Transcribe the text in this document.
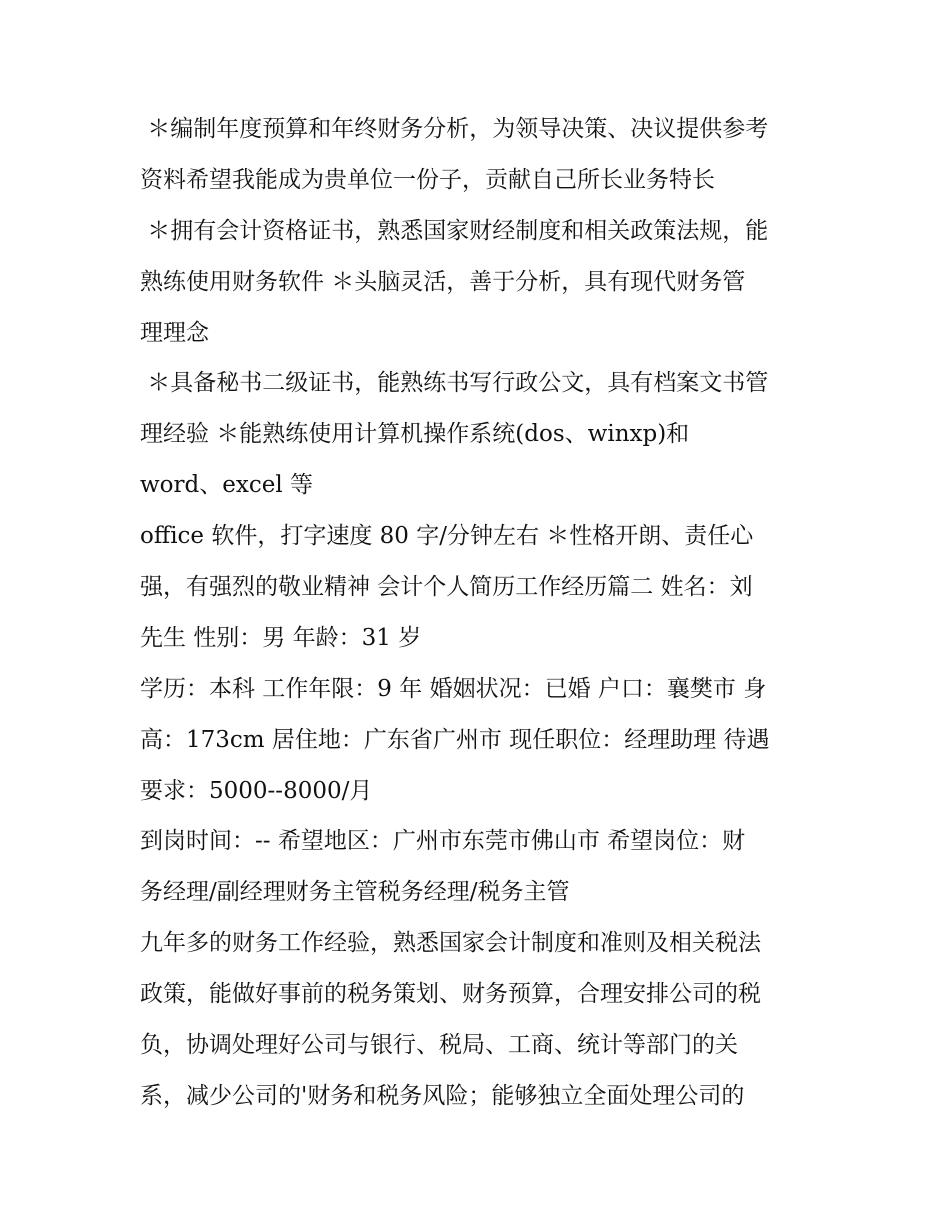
＊编制年度预算和年终财务分析，为领导决策、决议提供参考
资料希望我能成为贵单位一份子，贡献自己所长业务特长
＊拥有会计资格证书，熟悉国家财经制度和相关政策法规，能
熟练使用财务软件 ＊头脑灵活，善于分析，具有现代财务管
理理念
＊具备秘书二级证书，能熟练书写行政公文，具有档案文书管
理经验 ＊能熟练使用计算机操作系统(dos、winxp)和
word、excel 等
office 软件，打字速度 80 字/分钟左右 ＊性格开朗、责任心
强，有强烈的敬业精神 会计个人简历工作经历篇二 姓名：刘
先生 性别：男 年龄：31 岁
学历：本科 工作年限：9 年 婚姻状况：已婚 户口：襄樊市 身
高：173cm 居住地：广东省广州市 现任职位：经理助理 待遇
要求：5000--8000/月
到岗时间：-- 希望地区：广州市东莞市佛山市 希望岗位：财
务经理/副经理财务主管税务经理/税务主管
九年多的财务工作经验，熟悉国家会计制度和准则及相关税法
政策，能做好事前的税务策划、财务预算，合理安排公司的税
负，协调处理好公司与银行、税局、工商、统计等部门的关
系，减少公司的'财务和税务风险；能够独立全面处理公司的
